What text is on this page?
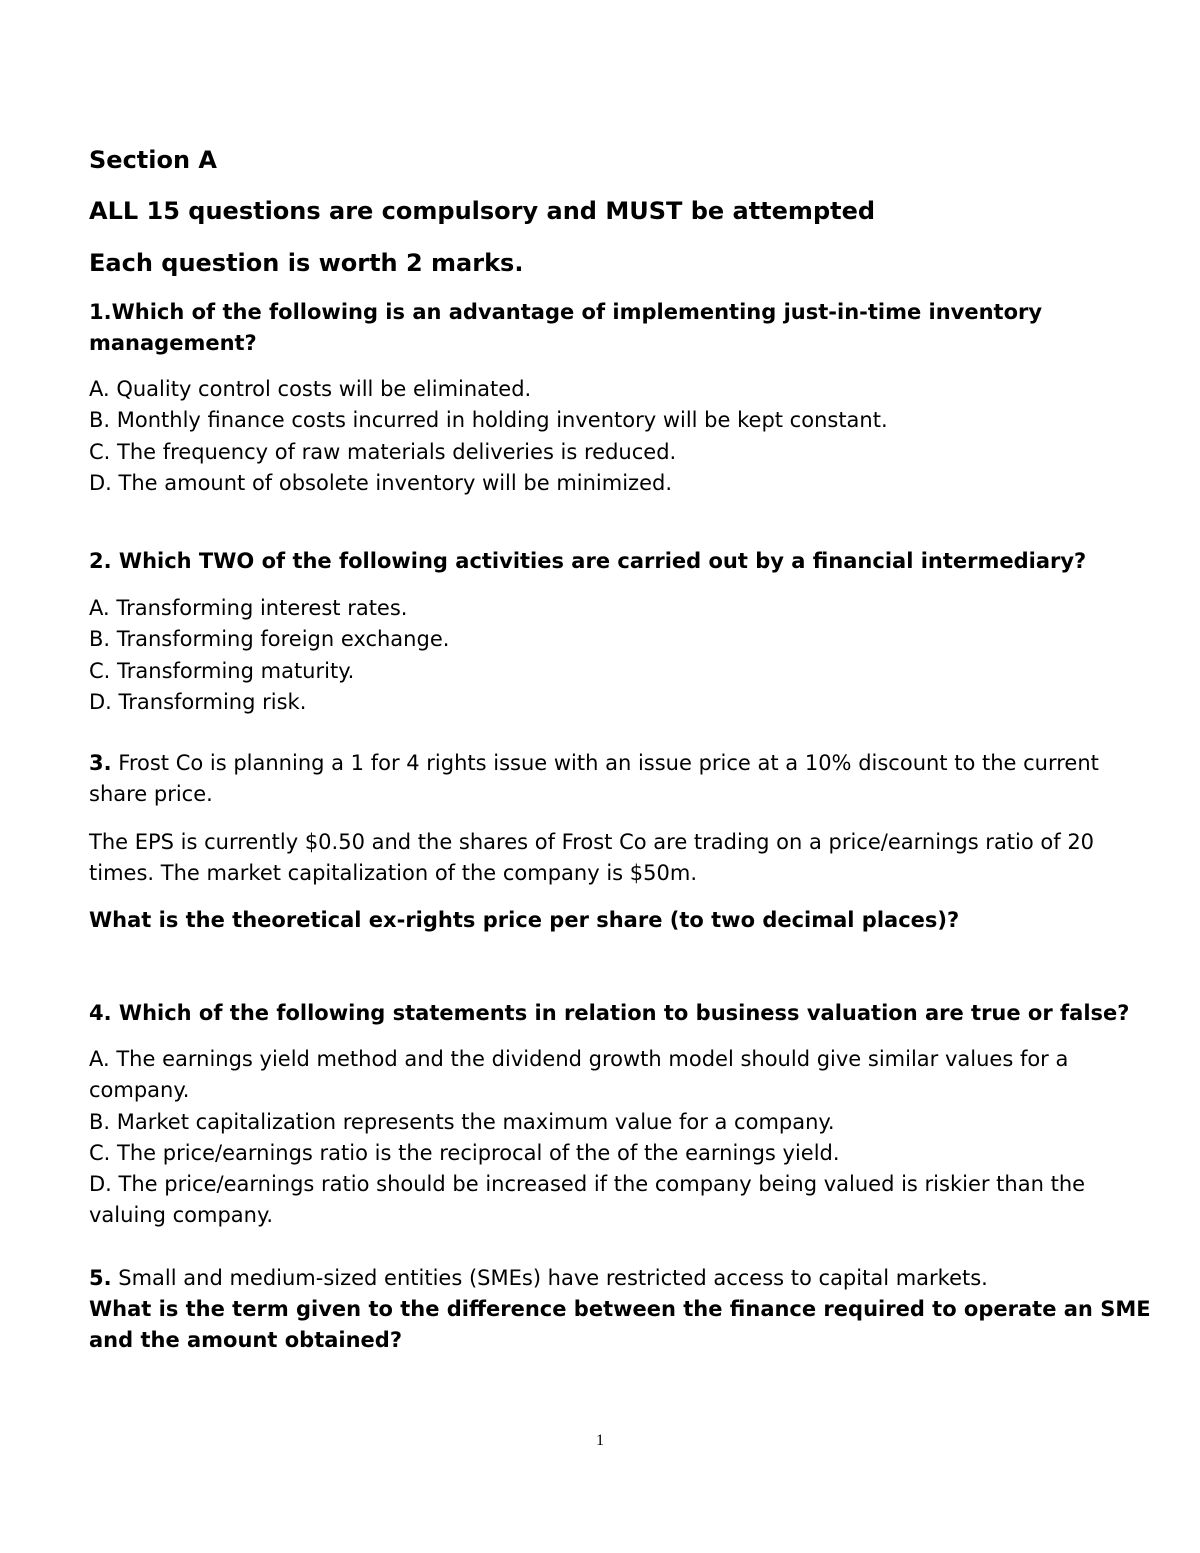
Section A
ALL 15 questions are compulsory and MUST be attempted
Each question is worth 2 marks.
1.Which of the following is an advantage of implementing just-in-time inventory management?
A. Quality control costs will be eliminated.
B. Monthly finance costs incurred in holding inventory will be kept constant.
C. The frequency of raw materials deliveries is reduced.
D. The amount of obsolete inventory will be minimized.
2. Which TWO of the following activities are carried out by a financial intermediary?
A. Transforming interest rates.
B. Transforming foreign exchange.
C. Transforming maturity.
D. Transforming risk.
3. Frost Co is planning a 1 for 4 rights issue with an issue price at a 10% discount to the current share price.
The EPS is currently $0.50 and the shares of Frost Co are trading on a price/earnings ratio of 20 times. The market capitalization of the company is $50m.
What is the theoretical ex-rights price per share (to two decimal places)?
4. Which of the following statements in relation to business valuation are true or false?
A. The earnings yield method and the dividend growth model should give similar values for a company.
B. Market capitalization represents the maximum value for a company.
C. The price/earnings ratio is the reciprocal of the of the earnings yield.
D. The price/earnings ratio should be increased if the company being valued is riskier than the valuing company.
5. Small and medium-sized entities (SMEs) have restricted access to capital markets.
What is the term given to the difference between the finance required to operate an SME and the amount obtained?
1
